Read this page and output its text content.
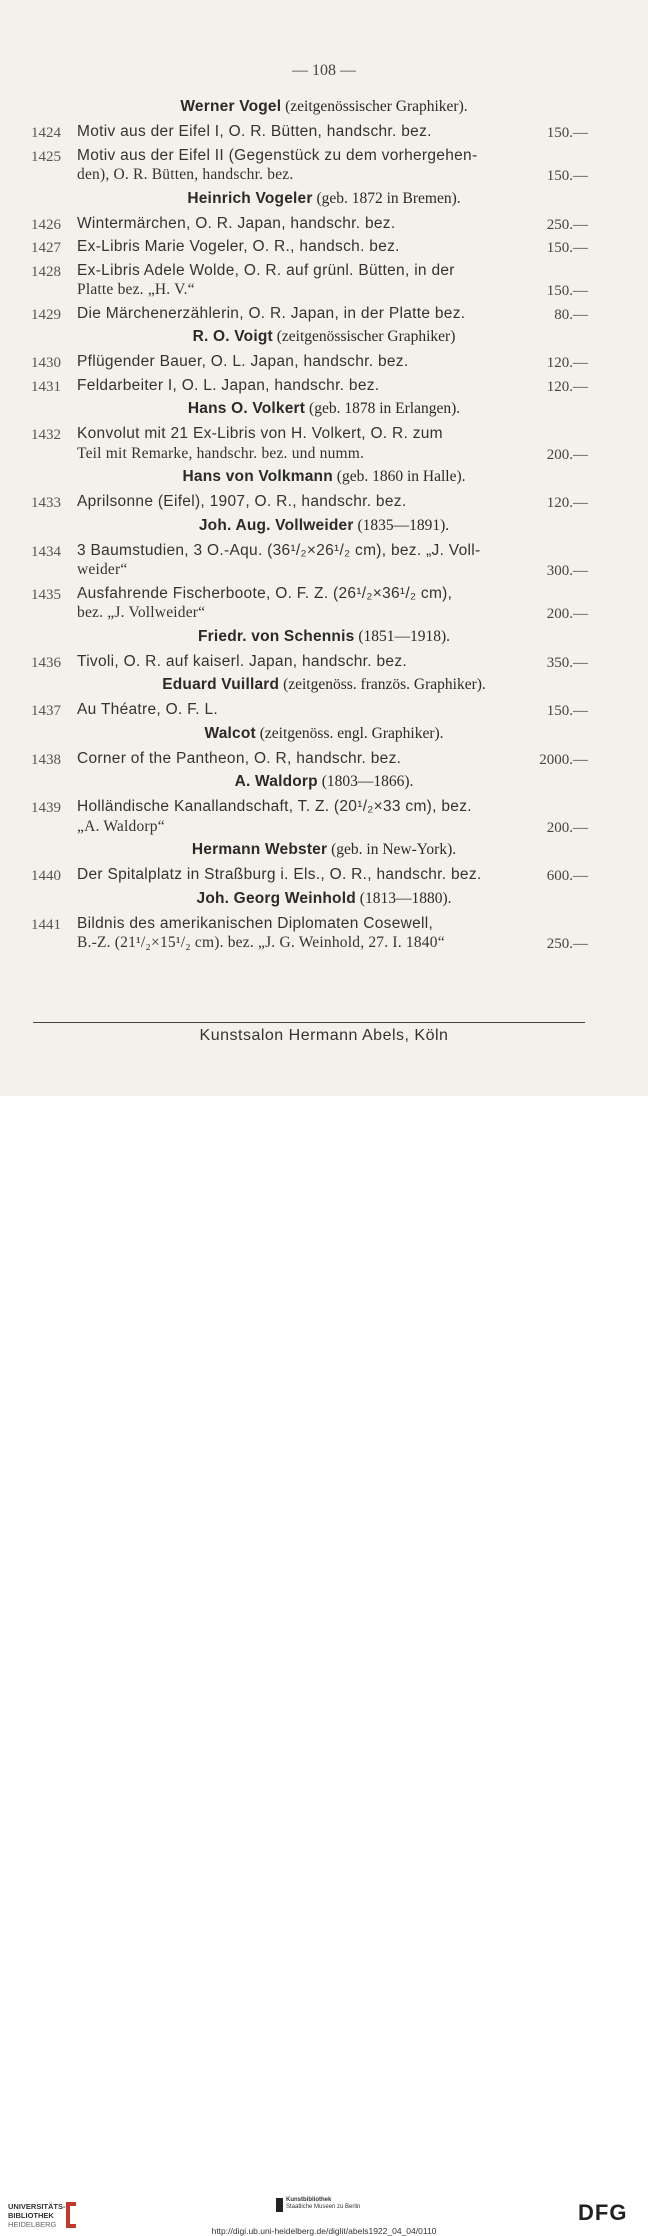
— 108 —
Werner Vogel (zeitgenössischer Graphiker).
1424	Motiv aus der Eifel I, O. R. Bütten, handschr. bez.	150.—
1425	Motiv aus der Eifel II (Gegenstück zu dem vorhergehen-
den), O. R. Bütten, handschr. bez.	150.—
Heinrich Vogeler (geb. 1872 in Bremen).
1426	Wintermärchen, O. R. Japan, handschr. bez.	250.—
1427	Ex-Libris Marie Vogeler, O. R., handsch. bez.	150.—
1428	Ex-Libris Adele Wolde, O. R. auf grünl. Bütten, in der
Platte bez. „H. V.“	150.—
1429	Die Märchenerzählerin, O. R. Japan, in der Platte bez.	80.—
R. O. Voigt (zeitgenössischer Graphiker)
1430	Pflügender Bauer, O. L. Japan, handschr. bez.	120.—
1431	Feldarbeiter I, O. L. Japan, handschr. bez.	120.—
Hans O. Volkert (geb. 1878 in Erlangen).
1432	Konvolut mit 21 Ex-Libris von H. Volkert, O. R. zum
Teil mit Remarke, handschr. bez. und numm.	200.—
Hans von Volkmann (geb. 1860 in Halle).
1433	Aprilsonne (Eifel), 1907, O. R., handschr. bez.	120.—
Joh. Aug. Vollweider (1835—1891).
1434	3 Baumstudien, 3 O.-Aqu. (36¹/₂×26¹/₂ cm), bez. „J. Voll-
weider“	300.—
1435	Ausfahrende Fischerboote, O. F. Z. (26¹/₂×36¹/₂ cm),
bez. „J. Vollweider“	200.—
Friedr. von Schennis (1851—1918).
1436	Tivoli, O. R. auf kaiserl. Japan, handschr. bez.	350.—
Eduard Vuillard (zeitgenöss. französ. Graphiker).
1437	Au Théatre, O. F. L.	150.—
Walcot (zeitgenöss. engl. Graphiker).
1438	Corner of the Pantheon, O. R, handschr. bez.	2000.—
A. Waldorp (1803—1866).
1439	Holländische Kanallandschaft, T. Z. (20¹/₂×33 cm), bez.
„A. Waldorp“	200.—
Hermann Webster (geb. in New-York).
1440	Der Spitalplatz in Straßburg i. Els., O. R., handschr. bez.	600.—
Joh. Georg Weinhold (1813—1880).
1441	Bildnis des amerikanischen Diplomaten Cosewell,
B.-Z. (21¹/₂×15¹/₂ cm). bez. „J. G. Weinhold, 27. I. 1840“	250.—
Kunstsalon Hermann Abels, Köln
UNIVERSITÄTS-
BIBLIOTHEK
HEIDELBERG
Kunstbibliothek
Staatliche Museen zu Berlin	DFG
http://digi.ub.uni-heidelberg.de/diglit/abels1922_04_04/0110
